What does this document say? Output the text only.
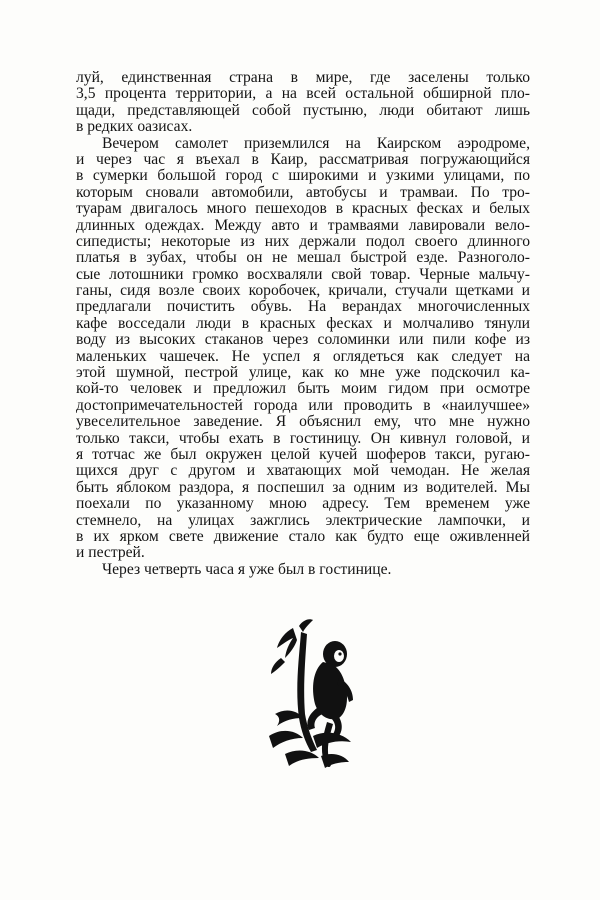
луй, единственная страна в мире, где заселены только
3,5 процента территории, а на всей остальной обширной пло-
щади, представляющей собой пустыню, люди обитают лишь
в редких оазисах.
Вечером самолет приземлился на Каирском аэродроме,
и через час я въехал в Каир, рассматривая погружающийся
в сумерки большой город с широкими и узкими улицами, по
которым сновали автомобили, автобусы и трамваи. По тро-
туарам двигалось много пешеходов в красных фесках и белых
длинных одеждах. Между авто и трамваями лавировали вело-
сипедисты; некоторые из них держали подол своего длинного
платья в зубах, чтобы он не мешал быстрой езде. Разноголо-
сые лотошники громко восхваляли свой товар. Черные мальчу-
ганы, сидя возле своих коробочек, кричали, стучали щетками и
предлагали почистить обувь. На верандах многочисленных
кафе восседали люди в красных фесках и молчаливо тянули
воду из высоких стаканов через соломинки или пили кофе из
маленьких чашечек. Не успел я оглядеться как следует на
этой шумной, пестрой улице, как ко мне уже подскочил ка-
кой-то человек и предложил быть моим гидом при осмотре
достопримечательностей города или проводить в «наилучшее»
увеселительное заведение. Я объяснил ему, что мне нужно
только такси, чтобы ехать в гостиницу. Он кивнул головой, и
я тотчас же был окружен целой кучей шоферов такси, ругаю-
щихся друг с другом и хватающих мой чемодан. Не желая
быть яблоком раздора, я поспешил за одним из водителей. Мы
поехали по указанному мною адресу. Тем временем уже
стемнело, на улицах зажглись электрические лампочки, и
в их ярком свете движение стало как будто еще оживленней
и пестрей.
Через четверть часа я уже был в гостинице.
